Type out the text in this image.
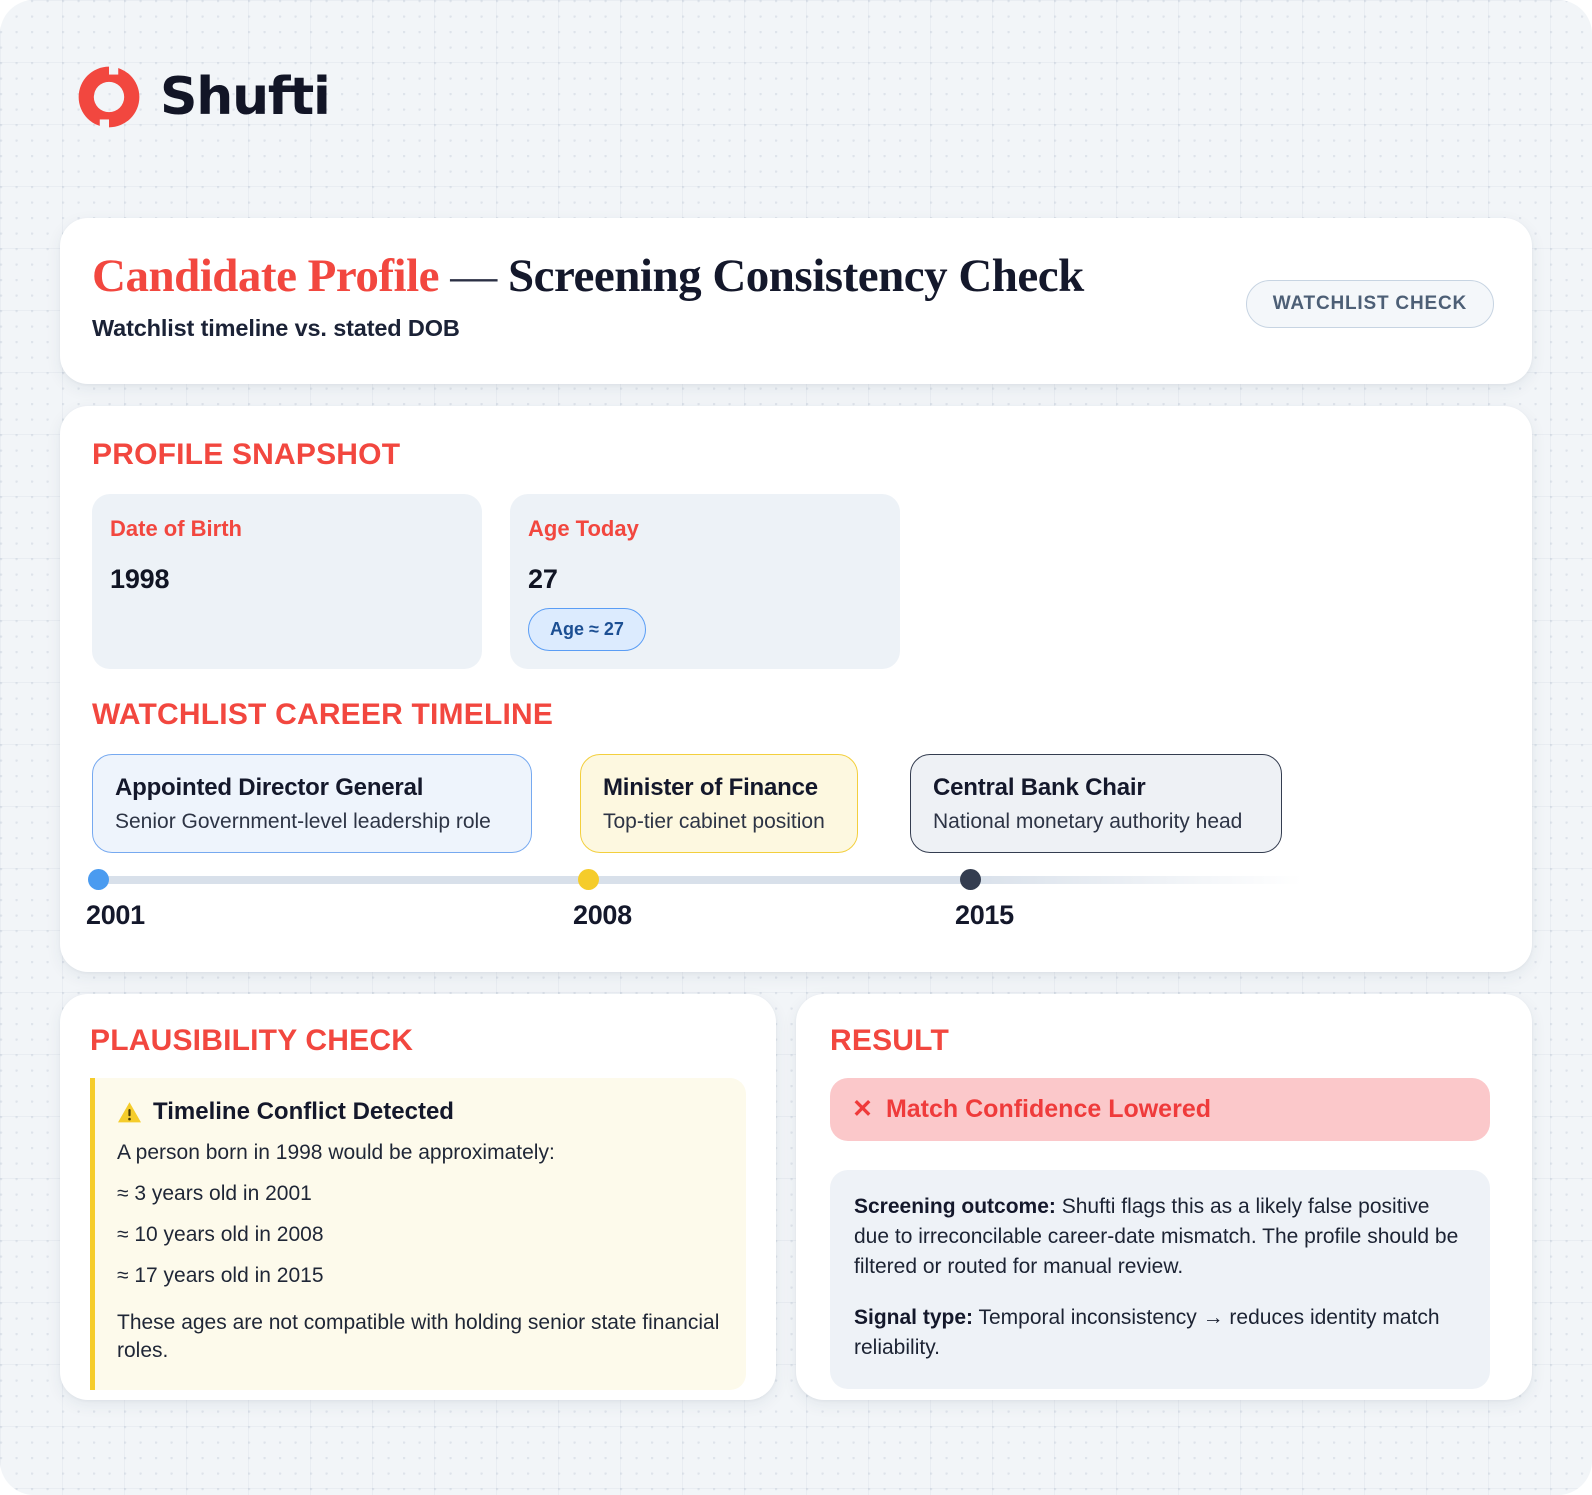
Shufti
Candidate Profile — Screening Consistency Check
Watchlist timeline vs. stated DOB
WATCHLIST CHECK
PROFILE SNAPSHOT
Date of Birth
1998
Age Today
27
Age ≈ 27
WATCHLIST CAREER TIMELINE
Appointed Director General
Senior Government-level leadership role
Minister of Finance
Top-tier cabinet position
Central Bank Chair
National monetary authority head
2001	2008	2015
PLAUSIBILITY CHECK
Timeline Conflict Detected
A person born in 1998 would be approximately:
≈ 3 years old in 2001
≈ 10 years old in 2008
≈ 17 years old in 2015
These ages are not compatible with holding senior state financial roles.
RESULT
✕ Match Confidence Lowered
Screening outcome: Shufti flags this as a likely false positive due to irreconcilable career-date mismatch. The profile should be filtered or routed for manual review.
Signal type: Temporal inconsistency → reduces identity match reliability.
